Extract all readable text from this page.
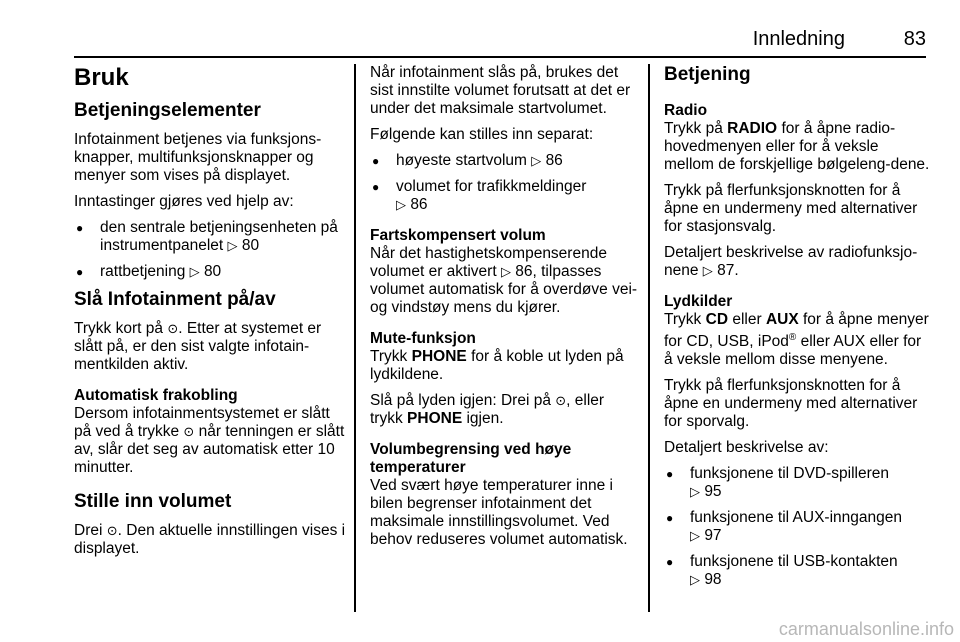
Innledning	83
Bruk
Betjeningselementer

Infotainment betjenes via funksjons-knapper, multifunksjonsknapper og menyer som vises på displayet.

Inntastinger gjøres ved hjelp av:

● den sentrale betjeningsenheten på instrumentpanelet ▷ 80
● rattbetjening ▷ 80
Slå Infotainment på/av

Trykk kort på ⊙. Etter at systemet er slått på, er den sist valgte infotain-mentkilden aktiv.

Automatisk frakobling

Dersom infotainmentsystemet er slått på ved å trykke ⊙ når tenningen er slått av, slår det seg av automatisk etter 10 minutter.

Stille inn volumet

Drei ⊙. Den aktuelle innstillingen vises i displayet.

Når infotainment slås på, brukes det sist innstilte volumet forutsatt at det er under det maksimale startvolumet.

Følgende kan stilles inn separat:

● høyeste startvolum ▷ 86
● volumet for trafikkmeldinger
▷ 86
Fartskompensert volum

Når det hastighetskompenserende volumet er aktivert ▷ 86, tilpasses volumet automatisk for å overdøve vei- og vindstøy mens du kjører.

Mute-funksjon

Trykk PHONE for å koble ut lyden på lydkildene.

Slå på lyden igjen: Drei på ⊙, eller trykk PHONE igjen.

Volumbegrensing ved høye temperaturer

Ved svært høye temperaturer inne i bilen begrenser infotainment det maksimale innstillingsvolumet. Ved behov reduseres volumet automatisk.

Betjening
Radio

Trykk på RADIO for å åpne radio-hovedmenyen eller for å veksle mellom de forskjellige bølgeleng-dene.

Trykk på flerfunksjonsknotten for å åpne en undermeny med alternativer for stasjonsvalg.

Detaljert beskrivelse av radiofunksjo-nene ▷ 87.

Lydkilder

Trykk CD eller AUX for å åpne menyer for CD, USB, iPod® eller AUX eller for å veksle mellom disse menyene.

Trykk på flerfunksjonsknotten for å åpne en undermeny med alternativer for sporvalg.

Detaljert beskrivelse av:

● funksjonene til DVD-spilleren
▷ 95
● funksjonene til AUX-inngangen
▷ 97
● funksjonene til USB-kontakten
▷ 98
carmanualsonline.info
